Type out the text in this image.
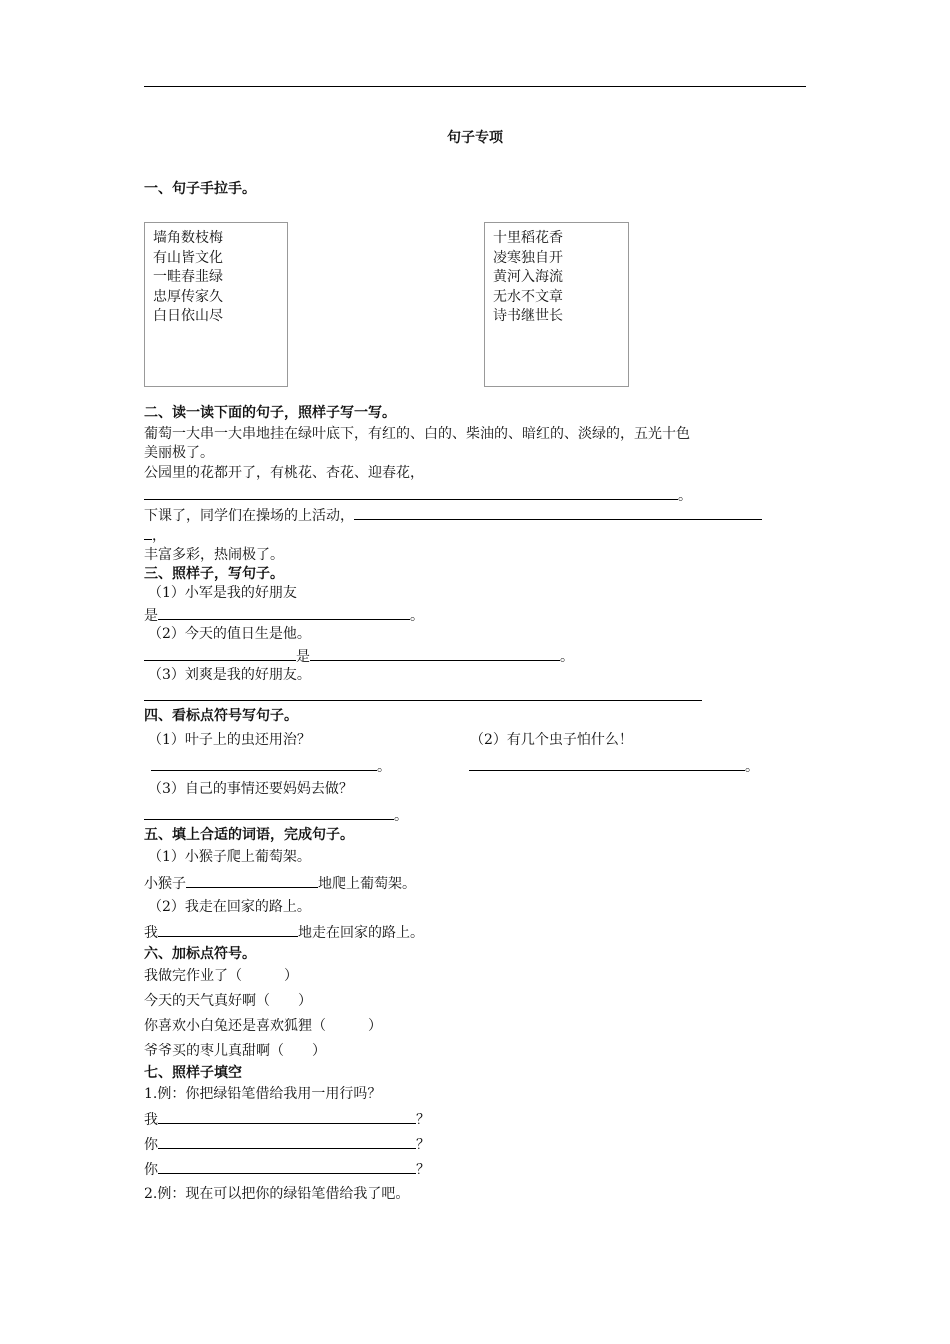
句子专项
一、句子手拉手。
墙角数枝梅
有山皆文化
一畦春韭绿
忠厚传家久
白日依山尽
十里稻花香
凌寒独自开
黄河入海流
无水不文章
诗书继世长
二、读一读下面的句子，照样子写一写。
葡萄一大串一大串地挂在绿叶底下，有红的、白的、柴油的、暗红的、淡绿的，五光十色
美丽极了。
公园里的花都开了，有桃花、杏花、迎春花，
。
下课了，同学们在操场的上活动，
，
丰富多彩，热闹极了。
三、照样子，写句子。
（1）小军是我的好朋友
是	。
（2）今天的值日生是他。
是	。
（3）刘爽是我的好朋友。
四、看标点符号写句子。
（1）叶子上的虫还用治？	（2）有几个虫子怕什么！
。	。
（3）自己的事情还要妈妈去做？
。
五、填上合适的词语，完成句子。
（1）小猴子爬上葡萄架。
小猴子	地爬上葡萄架。
（2）我走在回家的路上。
我	地走在回家的路上。
六、加标点符号。
我做完作业了（　　　）
今天的天气真好啊（　　）
你喜欢小白兔还是喜欢狐狸（　　　）
爷爷买的枣儿真甜啊（　　）
七、照样子填空
1.例：你把绿铅笔借给我用一用行吗？
我	？
你	？
你	？
2.例：现在可以把你的绿铅笔借给我了吧。
